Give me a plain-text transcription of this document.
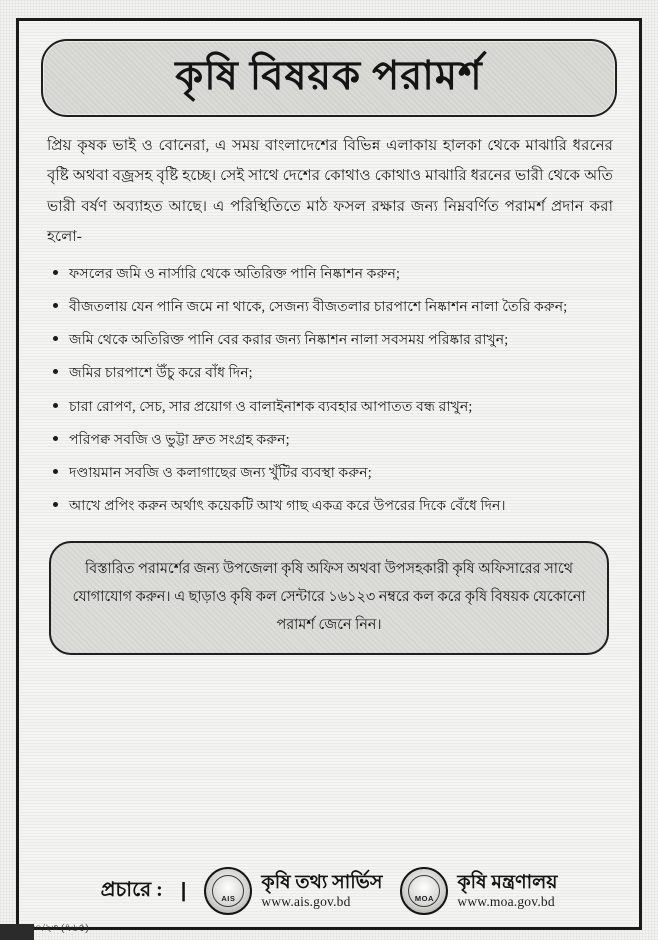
কৃষি বিষয়ক পরামর্শ
প্রিয় কৃষক ভাই ও বোনেরা, এ সময় বাংলাদেশের বিভিন্ন এলাকায় হালকা থেকে মাঝারি ধরনের বৃষ্টি অথবা বজ্রসহ বৃষ্টি হচ্ছে। সেই সাথে দেশের কোথাও কোথাও মাঝারি ধরনের ভারী থেকে অতি ভারী বর্ষণ অব্যাহত আছে। এ পরিস্থিতিতে মাঠ ফসল রক্ষার জন্য নিম্নবর্ণিত পরামর্শ প্রদান করা হলো-
ফসলের জমি ও নার্সারি থেকে অতিরিক্ত পানি নিষ্কাশন করুন;
বীজতলায় যেন পানি জমে না থাকে, সেজন্য বীজতলার চারপাশে নিষ্কাশন নালা তৈরি করুন;
জমি থেকে অতিরিক্ত পানি বের করার জন্য নিষ্কাশন নালা সবসময় পরিষ্কার রাখুন;
জমির চারপাশে উঁচু করে বাঁধ দিন;
চারা রোপণ, সেচ, সার প্রয়োগ ও বালাইনাশক ব্যবহার আপাতত বন্ধ রাখুন;
পরিপক্ব সবজি ও ভুট্টা দ্রুত সংগ্রহ করুন;
দণ্ডায়মান সবজি ও কলাগাছের জন্য খুঁটির ব্যবস্থা করুন;
আখে প্রপিং করুন অর্থাৎ কয়েকটি আখ গাছ একত্র করে উপরের দিকে বেঁধে দিন।
বিস্তারিত পরামর্শের জন্য উপজেলা কৃষি অফিস অথবা উপসহকারী কৃষি অফিসারের সাথে যোগাযোগ করুন। এ ছাড়াও কৃষি কল সেন্টারে ১৬১২৩ নম্বরে কল করে কৃষি বিষয়ক যেকোনো পরামর্শ জেনে নিন।
প্রচারে : |	AIS
কৃষি তথ্য সার্ভিস
www.ais.gov.bd	MOA
কৃষি মন্ত্রণালয়
www.moa.gov.bd
নং ১৩০/২৩ (৭৬৫)
